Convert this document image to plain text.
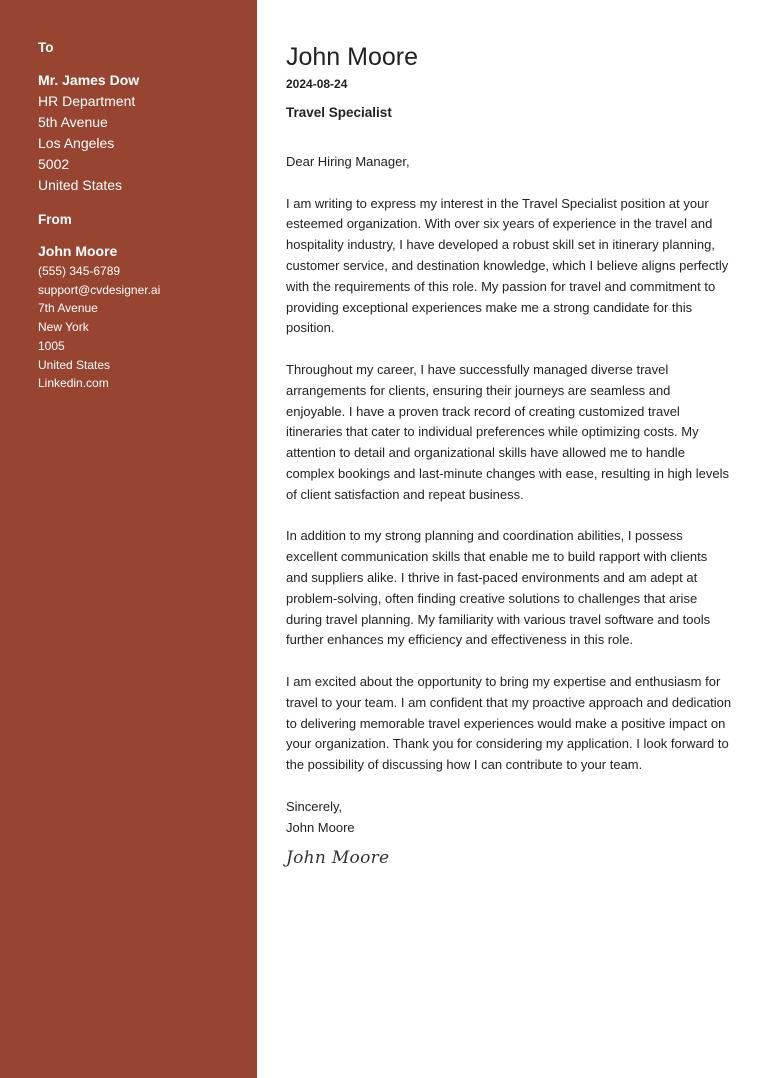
To
Mr. James Dow
HR Department
5th Avenue
Los Angeles
5002
United States
From
John Moore
(555) 345-6789
support@cvdesigner.ai
7th Avenue
New York
1005
United States
Linkedin.com
John Moore
2024-08-24
Travel Specialist

Dear Hiring Manager,

I am writing to express my interest in the Travel Specialist position at your esteemed organization. With over six years of experience in the travel and hospitality industry, I have developed a robust skill set in itinerary planning, customer service, and destination knowledge, which I believe aligns perfectly with the requirements of this role. My passion for travel and commitment to providing exceptional experiences make me a strong candidate for this position.

Throughout my career, I have successfully managed diverse travel arrangements for clients, ensuring their journeys are seamless and enjoyable. I have a proven track record of creating customized travel itineraries that cater to individual preferences while optimizing costs. My attention to detail and organizational skills have allowed me to handle complex bookings and last-minute changes with ease, resulting in high levels of client satisfaction and repeat business.

In addition to my strong planning and coordination abilities, I possess excellent communication skills that enable me to build rapport with clients and suppliers alike. I thrive in fast-paced environments and am adept at problem-solving, often finding creative solutions to challenges that arise during travel planning. My familiarity with various travel software and tools further enhances my efficiency and effectiveness in this role.

I am excited about the opportunity to bring my expertise and enthusiasm for travel to your team. I am confident that my proactive approach and dedication to delivering memorable travel experiences would make a positive impact on your organization. Thank you for considering my application. I look forward to the possibility of discussing how I can contribute to your team.

Sincerely,
John Moore
John Moore
